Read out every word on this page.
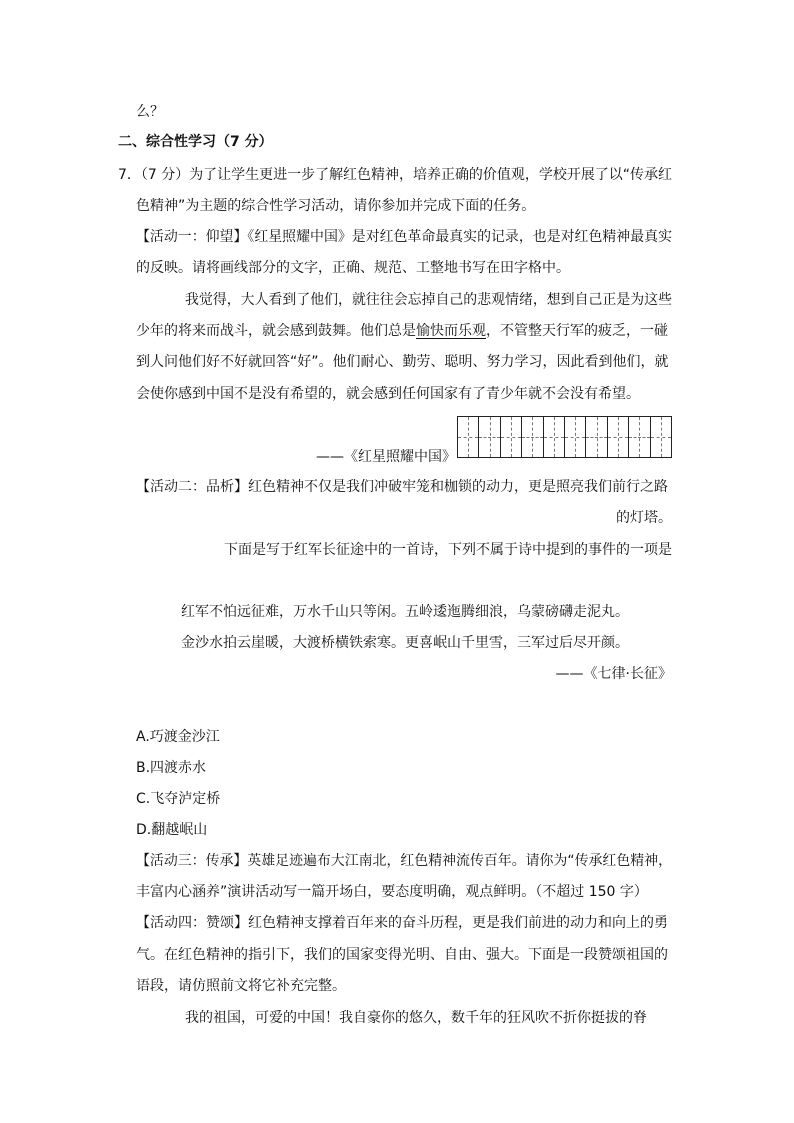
么？
二、综合性学习（7 分）
7．（7 分）为了让学生更进一步了解红色精神，培养正确的价值观，学校开展了以“传承红
色精神”为主题的综合性学习活动，请你参加并完成下面的任务。
【活动一：仰望】《红星照耀中国》是对红色革命最真实的记录，也是对红色精神最真实
的反映。请将画线部分的文字，正确、规范、工整地书写在田字格中。
我觉得，大人看到了他们，就往往会忘掉自己的悲观情绪，想到自己正是为这些
少年的将来而战斗，就会感到鼓舞。他们总是愉快而乐观，不管整天行军的疲乏，一碰
到人问他们好不好就回答“好”。他们耐心、勤劳、聪明、努力学习，因此看到他们，就
会使你感到中国不是没有希望的，就会感到任何国家有了青少年就不会没有希望。
——《红星照耀中国》
【活动二：品析】红色精神不仅是我们冲破牢笼和枷锁的动力，更是照亮我们前行之路
的灯塔。
下面是写于红军长征途中的一首诗，下列不属于诗中提到的事件的一项是
红军不怕远征难，万水千山只等闲。五岭逶迤腾细浪，乌蒙磅礴走泥丸。
金沙水拍云崖暖，大渡桥横铁索寒。更喜岷山千里雪，三军过后尽开颜。
——《七律·长征》
A.巧渡金沙江
B.四渡赤水
C.飞夺泸定桥
D.翻越岷山
【活动三：传承】英雄足迹遍布大江南北，红色精神流传百年。请你为“传承红色精神，
丰富内心涵养”演讲活动写一篇开场白，要态度明确，观点鲜明。（不超过 150 字）
【活动四：赞颂】红色精神支撑着百年来的奋斗历程，更是我们前进的动力和向上的勇
气。在红色精神的指引下，我们的国家变得光明、自由、强大。下面是一段赞颂祖国的
语段，请仿照前文将它补充完整。
我的祖国，可爱的中国！我自豪你的悠久，数千年的狂风吹不折你挺拔的脊
